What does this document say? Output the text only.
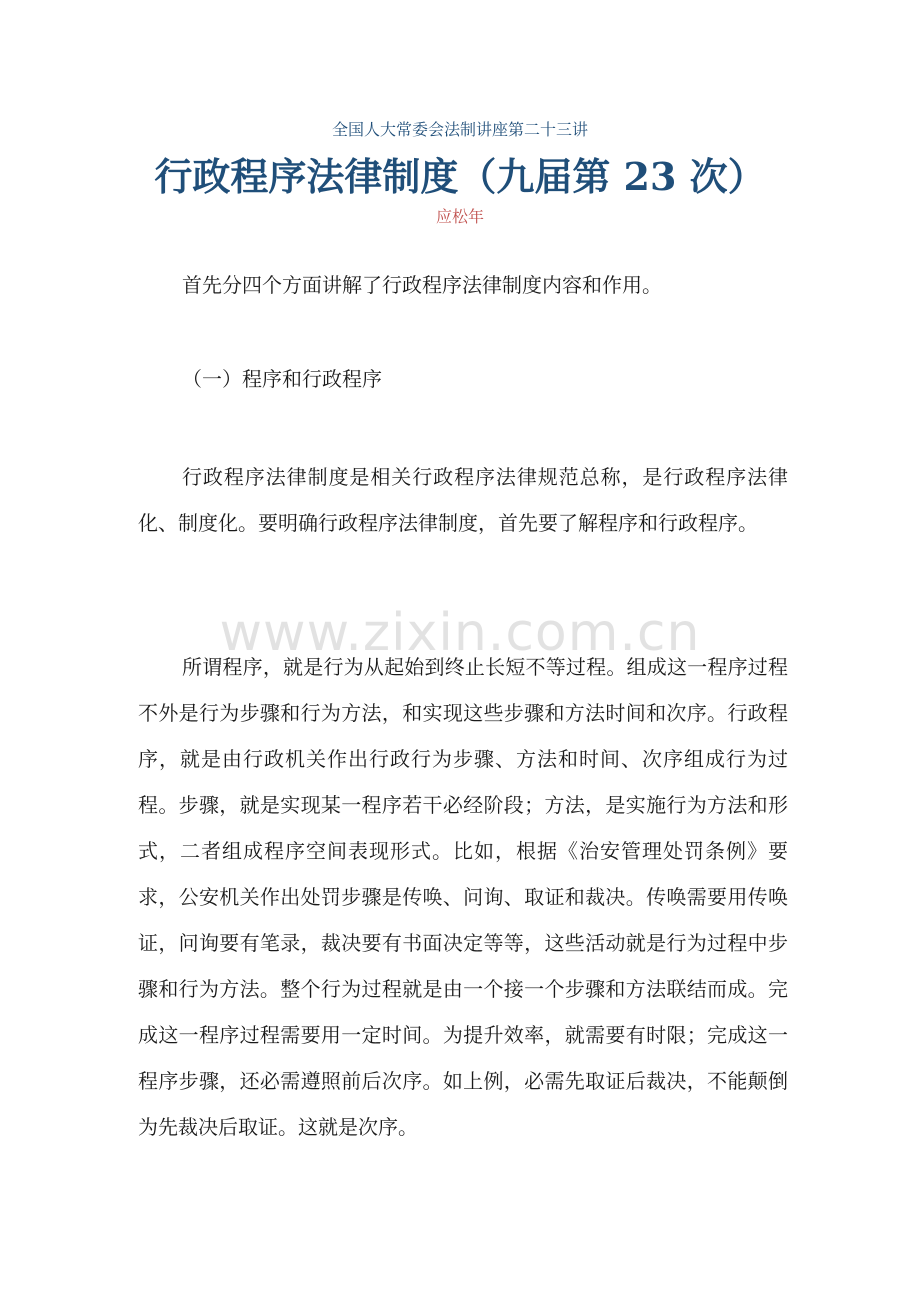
全国人大常委会法制讲座第二十三讲
行政程序法律制度（九届第 23 次）
应松年
首先分四个方面讲解了行政程序法律制度内容和作用。
（一）程序和行政程序
行政程序法律制度是相关行政程序法律规范总称，是行政程序法律化、制度化。要明确行政程序法律制度，首先要了解程序和行政程序。
所谓程序，就是行为从起始到终止长短不等过程。组成这一程序过程不外是行为步骤和行为方法，和实现这些步骤和方法时间和次序。行政程序，就是由行政机关作出行政行为步骤、方法和时间、次序组成行为过程。步骤，就是实现某一程序若干必经阶段；方法，是实施行为方法和形式，二者组成程序空间表现形式。比如，根据《治安管理处罚条例》要求，公安机关作出处罚步骤是传唤、问询、取证和裁决。传唤需要用传唤证，问询要有笔录，裁决要有书面决定等等，这些活动就是行为过程中步骤和行为方法。整个行为过程就是由一个接一个步骤和方法联结而成。完成这一程序过程需要用一定时间。为提升效率，就需要有时限；完成这一程序步骤，还必需遵照前后次序。如上例，必需先取证后裁决，不能颠倒为先裁决后取证。这就是次序。
www.zixin.com.cn
